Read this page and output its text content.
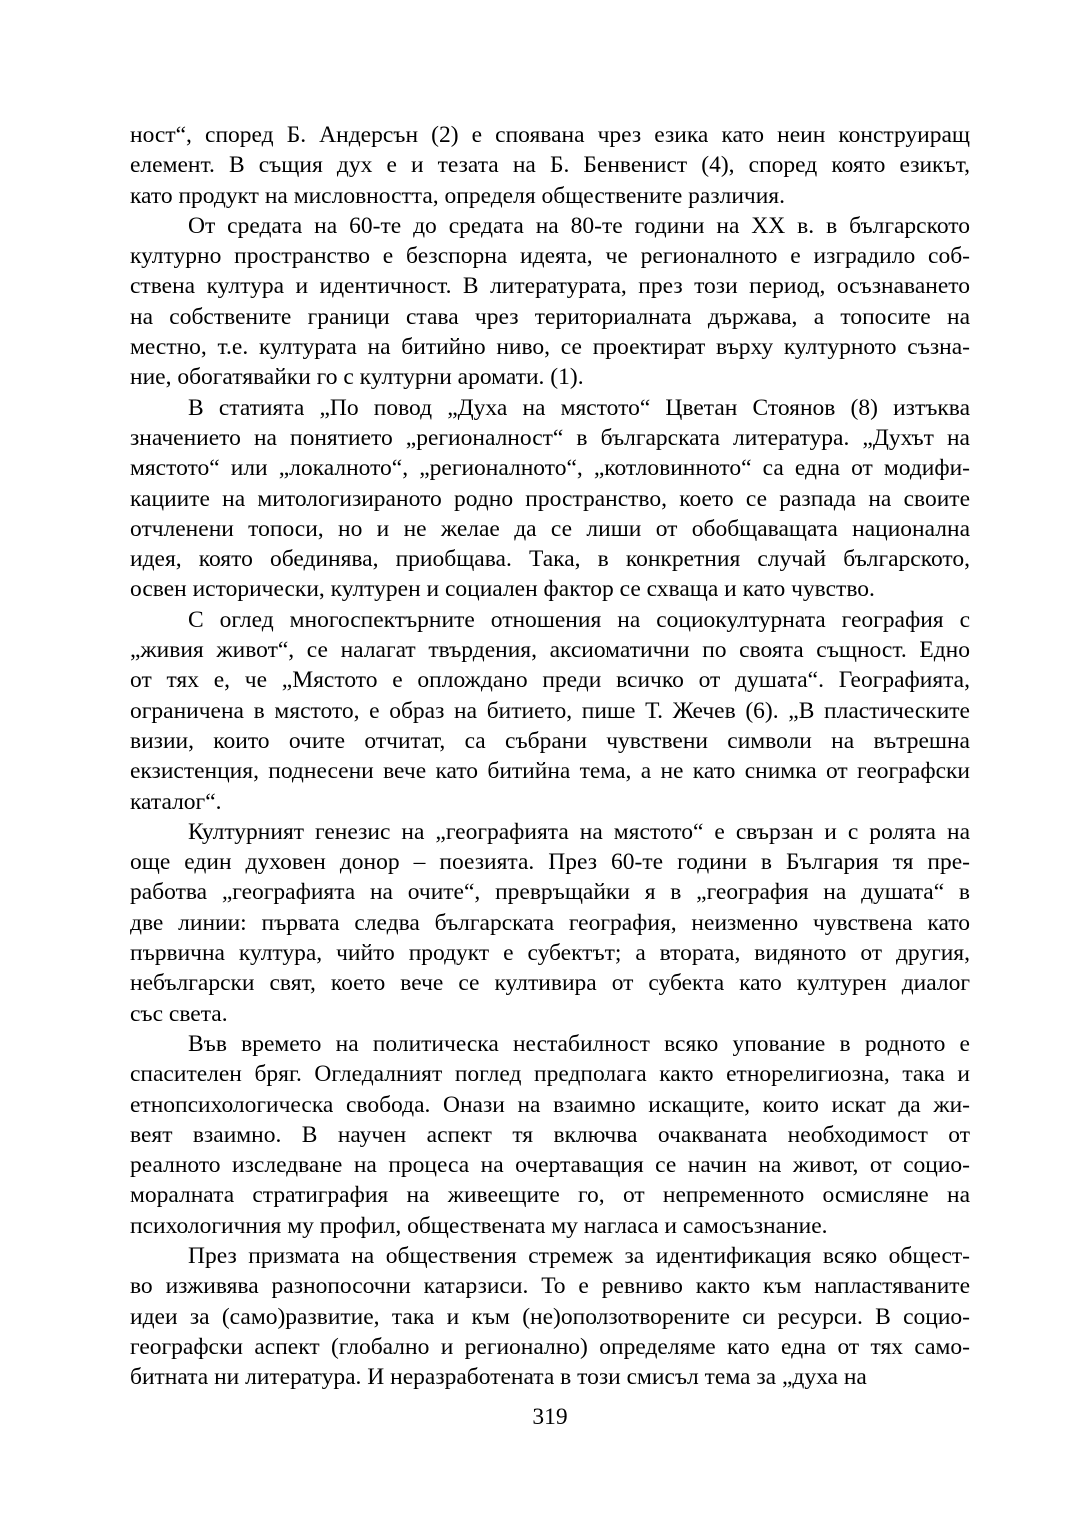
ност“, според Б. Андерсън (2) е споявана чрез езика като неин конструиращ
елемент. В същия дух е и тезата на Б. Бенвенист (4), според която езикът,
като продукт на мисловността, определя обществените различия.
От средата на 60-те до средата на 80-те години на ХХ в. в българското
културно пространство е безспорна идеята, че регионалното е изградило соб-
ствена култура и идентичност. В литературата, през този период, осъзнаването
на собствените граници става чрез териториалната държава, а топосите на
местно, т.е. културата на битийно ниво, се проектират върху културното съзна-
ние, обогатявайки го с културни аромати. (1).
В статията „По повод „Духа на мястото“ Цветан Стоянов (8) изтъква
значението на понятието „регионалност“ в българската литература. „Духът на
мястото“ или „локалното“, „регионалното“, „котловинното“ са една от модифи-
кациите на митологизираното родно пространство, което се разпада на своите
отчленени топоси, но и не желае да се лиши от обобщаващата национална
идея, която обединява, приобщава. Така, в конкретния случай българското,
освен исторически, културен и социален фактор се схваща и като чувство.
С оглед многоспектърните отношения на социокултурната география с
„живия живот“, се налагат твърдения, аксиоматични по своята същност. Едно
от тях е, че „Мястото е оплождано преди всичко от душата“. Географията,
ограничена в мястото, е образ на битието, пише Т. Жечев (6). „В пластическите
визии, които очите отчитат, са събрани чувствени символи на вътрешна
екзистенция, поднесени вече като битийна тема, а не като снимка от географски
каталог“.
Културният генезис на „географията на мястото“ е свързан и с ролята на
още един духовен донор – поезията. През 60-те години в България тя пре-
работва „географията на очите“, превръщайки я в „география на душата“ в
две линии: първата следва българската география, неизменно чувствена като
първична култура, чийто продукт е субектът; а втората, видяното от другия,
небългарски свят, което вече се култивира от субекта като културен диалог
със света.
Във времето на политическа нестабилност всяко упование в родното е
спасителен бряг. Огледалният поглед предполага както етнорелигиозна, така и
етнопсихологическа свобода. Онази на взаимно искащите, които искат да жи-
веят взаимно. В научен аспект тя включва очакваната необходимост от
реалното изследване на процеса на очертаващия се начин на живот, от социо-
моралната стратиграфия на живеещите го, от непременното осмисляне на
психологичния му профил, обществената му нагласа и самосъзнание.
През призмата на обществения стремеж за идентификация всяко общест-
во изживява разнопосочни катарзиси. То е ревниво както към напластяваните
идеи за (само)развитие, така и към (не)оползотворените си ресурси. В социо-
географски аспект (глобално и регионално) определяме като една от тях само-
битната ни литература. И неразработената в този смисъл тема за „духа на
319
